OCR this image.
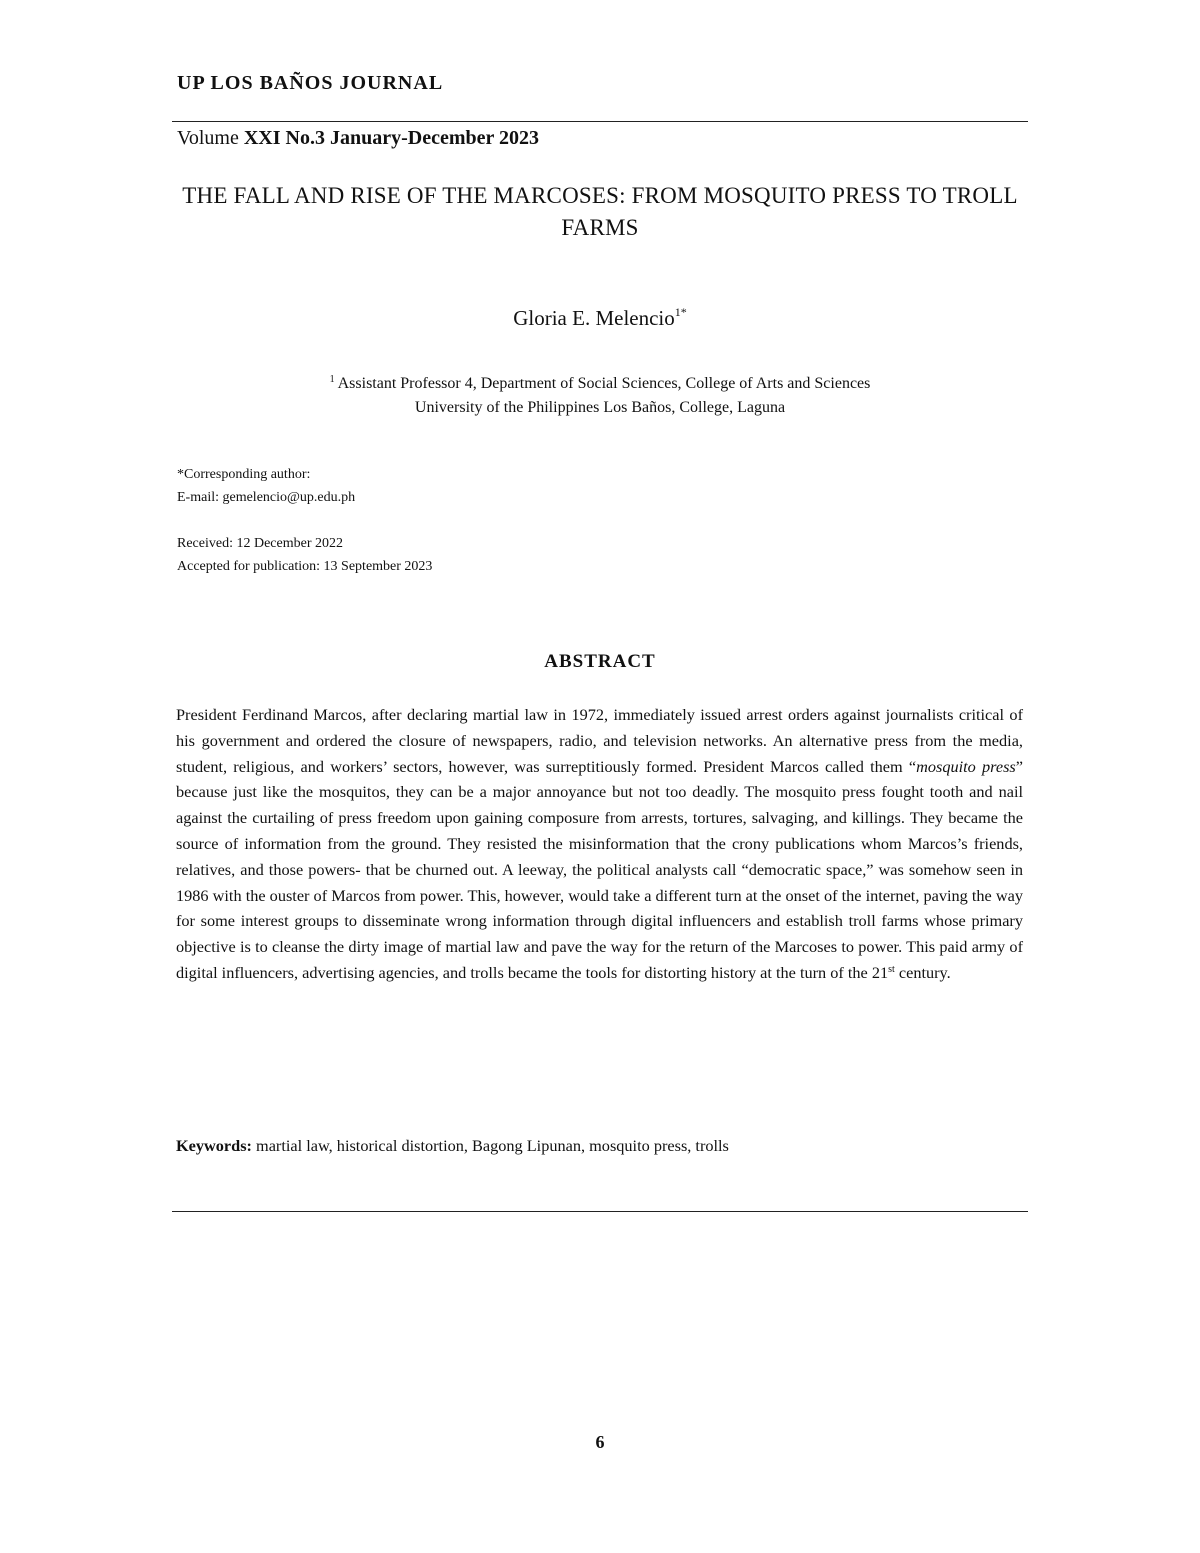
UP LOS BAÑOS JOURNAL
Volume XXI No.3 January-December 2023
THE FALL AND RISE OF THE MARCOSES: FROM MOSQUITO PRESS TO TROLL FARMS
Gloria E. Melencio$^{1*}$
$^1$ Assistant Professor 4, Department of Social Sciences, College of Arts and Sciences
University of the Philippines Los Baños, College, Laguna
*Corresponding author:
E-mail: gemelencio@up.edu.ph
Received: 12 December 2022
Accepted for publication: 13 September 2023
ABSTRACT
President Ferdinand Marcos, after declaring martial law in 1972, immediately issued arrest orders against journalists critical of his government and ordered the closure of newspapers, radio, and television networks. An alternative press from the media, student, religious, and workers’ sectors, however, was surreptitiously formed. President Marcos called them “mosquito press” because just like the mosquitos, they can be a major annoyance but not too deadly. The mosquito press fought tooth and nail against the curtailing of press freedom upon gaining composure from arrests, tortures, salvaging, and killings. They became the source of information from the ground. They resisted the misinformation that the crony publications whom Marcos’s friends, relatives, and those powers- that be churned out. A leeway, the political analysts call “democratic space,” was somehow seen in 1986 with the ouster of Marcos from power. This, however, would take a different turn at the onset of the internet, paving the way for some interest groups to disseminate wrong information through digital influencers and establish troll farms whose primary objective is to cleanse the dirty image of martial law and pave the way for the return of the Marcoses to power. This paid army of digital influencers, advertising agencies, and trolls became the tools for distorting history at the turn of the 21st century.
Keywords: martial law, historical distortion, Bagong Lipunan, mosquito press, trolls
6
